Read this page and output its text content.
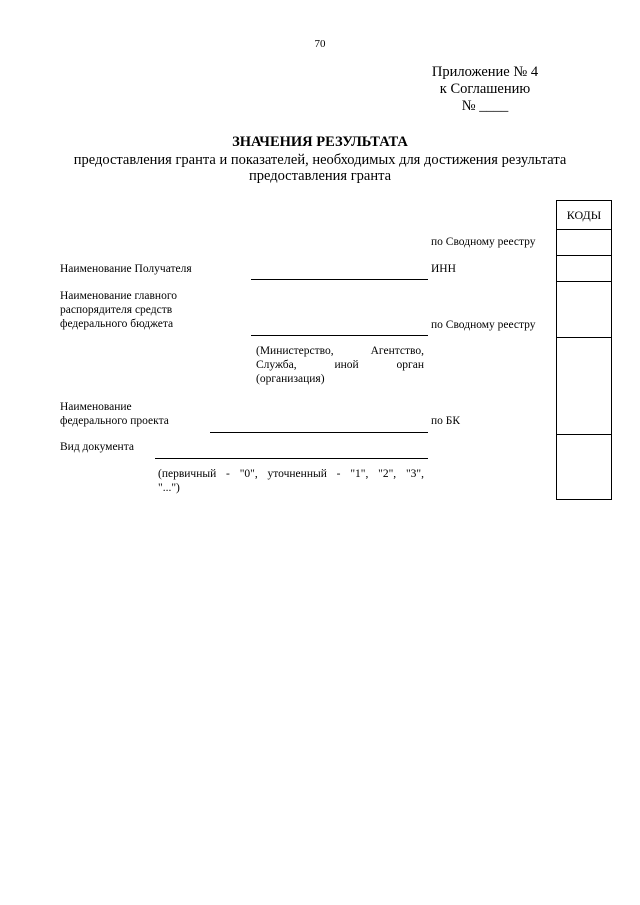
70
Приложение № 4
к Соглашению
№ ____
ЗНАЧЕНИЯ РЕЗУЛЬТАТА
предоставления гранта и показателей, необходимых для достижения результата
предоставления гранта
КОДЫ
по Сводному реестру
ИНН
по Сводному реестру
по БК
Наименование Получателя
Наименование главного
распорядителя средств
федерального бюджета
(Министерство, Агентство,
Служба, иной орган
(организация)
Наименование
федерального проекта
Вид документа
(первичный - "0", уточненный - "1", "2", "3",
"...")
